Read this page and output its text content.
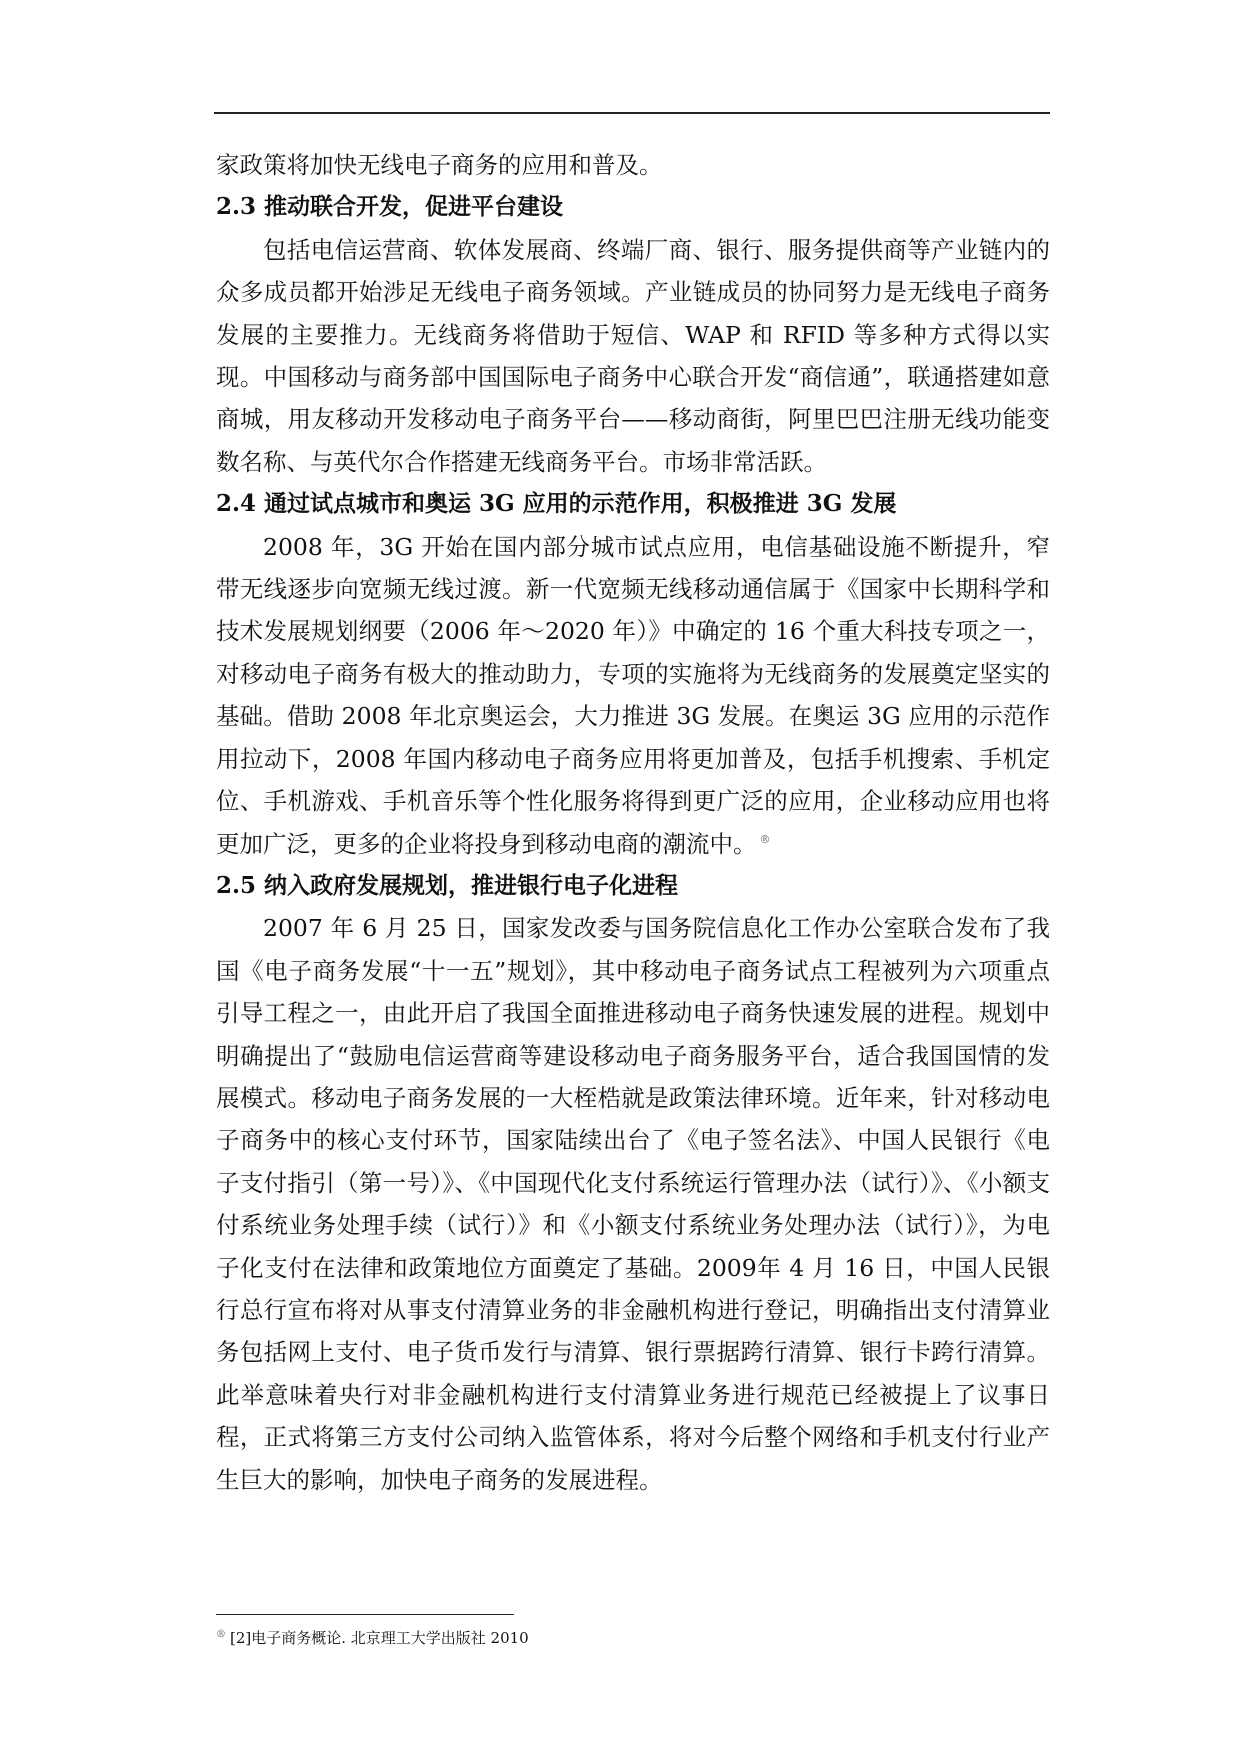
家政策将加快无线电子商务的应用和普及。

2.3 推动联合开发，促进平台建设

包括电信运营商、软体发展商、终端厂商、银行、服务提供商等产业链内的众多成员都开始涉足无线电子商务领域。产业链成员的协同努力是无线电子商务发展的主要推力。无线商务将借助于短信、WAP 和 RFID 等多种方式得以实现。中国移动与商务部中国国际电子商务中心联合开发“商信通”，联通搭建如意商城，用友移动开发移动电子商务平台——移动商街，阿里巴巴注册无线功能变数名称、与英代尔合作搭建无线商务平台。市场非常活跃。

2.4 通过试点城市和奥运 3G 应用的示范作用，积极推进 3G 发展

2008 年，3G 开始在国内部分城市试点应用，电信基础设施不断提升，窄带无线逐步向宽频无线过渡。新一代宽频无线移动通信属于《国家中长期科学和技术发展规划纲要（2006 年～2020 年）》中确定的 16 个重大科技专项之一，对移动电子商务有极大的推动助力，专项的实施将为无线商务的发展奠定坚实的基础。借助 2008 年北京奥运会，大力推进 3G 发展。在奥运 3G 应用的示范作用拉动下，2008 年国内移动电子商务应用将更加普及，包括手机搜索、手机定位、手机游戏、手机音乐等个性化服务将得到更广泛的应用，企业移动应用也将更加广泛，更多的企业将投身到移动电商的潮流中。 ®

2.5 纳入政府发展规划，推进银行电子化进程

2007 年 6 月 25 日，国家发改委与国务院信息化工作办公室联合发布了我国《电子商务发展“十一五”规划》，其中移动电子商务试点工程被列为六项重点引导工程之一，由此开启了我国全面推进移动电子商务快速发展的进程。规划中明确提出了“鼓励电信运营商等建设移动电子商务服务平台，适合我国国情的发展模式。移动电子商务发展的一大桎梏就是政策法律环境。近年来，针对移动电子商务中的核心支付环节，国家陆续出台了《电子签名法》、中国人民银行《电子支付指引（第一号）》、《中国现代化支付系统运行管理办法（试行）》、《小额支付系统业务处理手续（试行）》和《小额支付系统业务处理办法（试行）》，为电子化支付在法律和政策地位方面奠定了基础。2009年 4 月 16 日，中国人民银行总行宣布将对从事支付清算业务的非金融机构进行登记，明确指出支付清算业务包括网上支付、电子货币发行与清算、银行票据跨行清算、银行卡跨行清算。此举意味着央行对非金融机构进行支付清算业务进行规范已经被提上了议事日程，正式将第三方支付公司纳入监管体系，将对今后整个网络和手机支付行业产生巨大的影响，加快电子商务的发展进程。

® [2]电子商务概论. 北京理工大学出版社 2010
